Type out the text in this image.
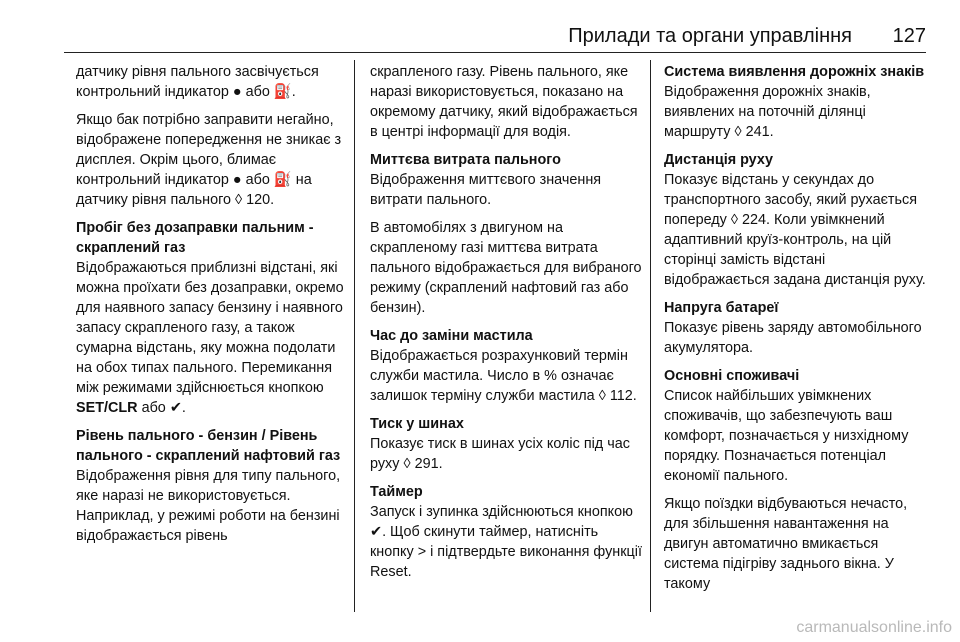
Прилади та органи управління 127

датчику рівня пального засвічується контрольний індикатор ● або ⛽.

Якщо бак потрібно заправити негайно, відображене попередження не зникає з дисплея. Окрім цього, блимає контрольний індикатор ● або ⛽ на датчику рівня пального ◊ 120.

Пробіг без дозаправки пальним - скраплений газ

Відображаються приблизні відстані, які можна проїхати без дозаправки, окремо для наявного запасу бензину і наявного запасу скрапленого газу, а також сумарна відстань, яку можна подолати на обох типах пального. Перемикання між режимами здійснюється кнопкою SET/CLR або ✔.

Рівень пального - бензин / Рівень пального - скраплений нафтовий газ

Відображення рівня для типу пального, яке наразі не використовується. Наприклад, у режимі роботи на бензині відображається рівень

скрапленого газу. Рівень пального, яке наразі використовується, показано на окремому датчику, який відображається в центрі інформації для водія.

Миттєва витрата пального

Відображення миттєвого значення витрати пального.

В автомобілях з двигуном на скрапленому газі миттєва витрата пального відображається для вибраного режиму (скраплений нафтовий газ або бензин).

Час до заміни мастила

Відображається розрахунковий термін служби мастила. Число в % означає залишок терміну служби мастила ◊ 112.

Тиск у шинах

Показує тиск в шинах усіх коліс під час руху ◊ 291.

Таймер

Запуск і зупинка здійснюються кнопкою ✔. Щоб скинути таймер, натисніть кнопку > і підтвердьте виконання функції Reset.

Система виявлення дорожніх знаків

Відображення дорожніх знаків, виявлених на поточній ділянці маршруту ◊ 241.

Дистанція руху

Показує відстань у секундах до транспортного засобу, який рухається попереду ◊ 224. Коли увімкнений адаптивний круїз-контроль, на цій сторінці замість відстані відображається задана дистанція руху.

Напруга батареї

Показує рівень заряду автомобільного акумулятора.

Основні споживачі

Список найбільших увімкнених споживачів, що забезпечують ваш комфорт, позначається у низхідному порядку. Позначається потенціал економії пального.

Якщо поїздки відбуваються нечасто, для збільшення навантаження на двигун автоматично вмикається система підігріву заднього вікна. У такому

carmanualsonline.info
